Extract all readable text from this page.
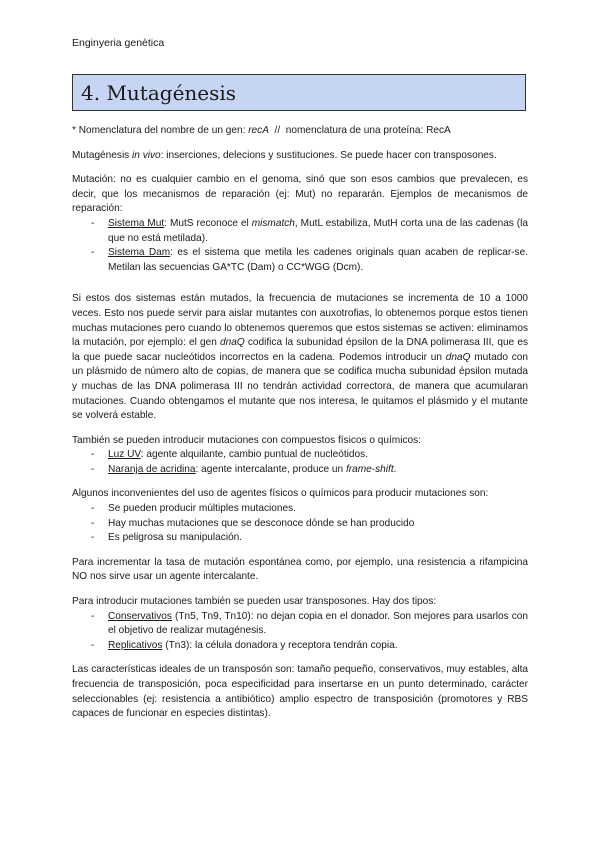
Enginyeria genètica
4. Mutagénesis

* Nomenclatura del nombre de un gen: recA  //  nomenclatura de una proteína: RecA

Mutagénesis in vivo: inserciones, delecions y sustituciones. Se puede hacer con transposones.

Mutación: no es cualquier cambio en el genoma, sinó que son esos cambios que prevalecen, es decir, que los mecanismos de reparación (ej: Mut) no repararán. Ejemplos de mecanismos de reparación:

- Sistema Mut: MutS reconoce el mismatch, MutL estabiliza, MutH corta una de las cadenas (la que no está metilada).
- Sistema Dam: es el sistema que metila les cadenes originals quan acaben de replicar-se. Metilan las secuencias GA*TC (Dam) o CC*WGG (Dcm).

Si estos dos sistemas están mutados, la frecuencia de mutaciones se incrementa de 10 a 1000 veces. Esto nos puede servir para aislar mutantes con auxotrofias, lo obtenemos porque estos tienen muchas mutaciones pero cuando lo obtenemos queremos que estos sistemas se activen: eliminamos la mutación, por ejemplo: el gen dnaQ codifica la subunidad épsilon de la DNA polimerasa III, que es la que puede sacar nucleótidos incorrectos en la cadena. Podemos introducir un dnaQ mutado con un plásmido de número alto de copias, de manera que se codifica mucha subunidad épsilon mutada y muchas de las DNA polimerasa III no tendrán actividad correctora, de manera que acumularan mutaciones. Cuando obtengamos el mutante que nos interesa, le quitamos el plásmido y el mutante se volverá estable.

También se pueden introducir mutaciones con compuestos físicos o químicos:

- Luz UV: agente alquilante, cambio puntual de nucleótidos.
- Naranja de acridina: agente intercalante, produce un frame-shift.

Algunos inconvenientes del uso de agentes físicos o químicos para producir mutaciones son:

- Se pueden producir múltiples mutaciones.
- Hay muchas mutaciones que se desconoce dónde se han producido
- Es peligrosa su manipulación.

Para incrementar la tasa de mutación espontánea como, por ejemplo, una resistencia a rifampicina NO nos sirve usar un agente intercalante.

Para introducir mutaciones también se pueden usar transposones. Hay dos tipos:

- Conservativos (Tn5, Tn9, Tn10): no dejan copia en el donador. Son mejores para usarlos con el objetivo de realizar mutagénesis.
- Replicativos (Tn3): la célula donadora y receptora tendrán copia.

Las características ideales de un transposón son: tamaño pequeño, conservativos, muy estables, alta frecuencia de transposición, poca especificidad para insertarse en un punto determinado, carácter seleccionables (ej: resistencia a antibiótico) amplio espectro de transposición (promotores y RBS capaces de funcionar en especies distintas).
